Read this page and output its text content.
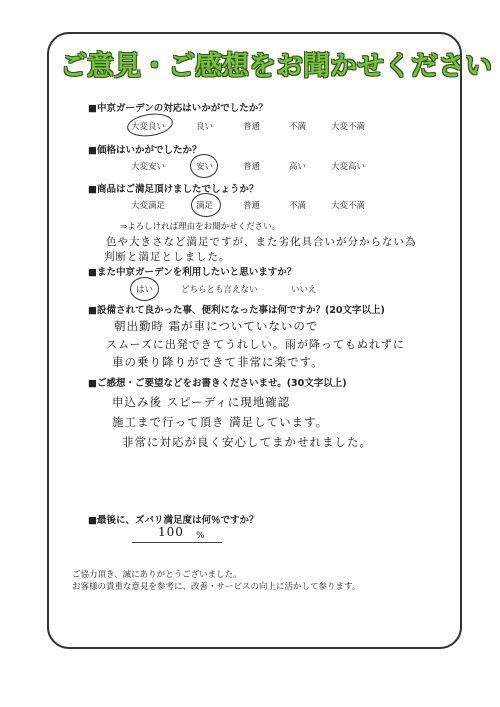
ご意見・ご感想をお聞かせください
■中京ガーデンの対応はいかがでしたか？
大変良い	良い	普通	不満	大変不満
■価格はいかがでしたか？
大変安い	安い	普通	高い	大変高い
■商品はご満足頂けましたでしょうか？
大変満足	満足	普通	不満	大変不満
⇒よろしければ理由をお聞かせください。
色や大きさなど満足ですが、また劣化具合いが分からない為
判断と満足としました。
■また中京ガーデンを利用したいと思いますか？
はい	どちらとも言えない	いいえ
■設備されて良かった事、便利になった事は何ですか？(20文字以上)
朝出勤時 霜が車についていないので
スムーズに出発できてうれしい。雨が降ってもぬれずに
車の乗り降りができて非常に楽です。
■ご感想・ご要望などをお書きくださいませ。(30文字以上)
申込み後 スピーディに現地確認
施工まで行って頂き 満足しています。
非常に対応が良く安心してまかせれました。
■最後に、ズバリ満足度は何％ですか？
100 %
ご協力頂き、誠にありがとうございました。
お客様の貴重な意見を参考に、改善・サービスの向上に活かして参ります。
